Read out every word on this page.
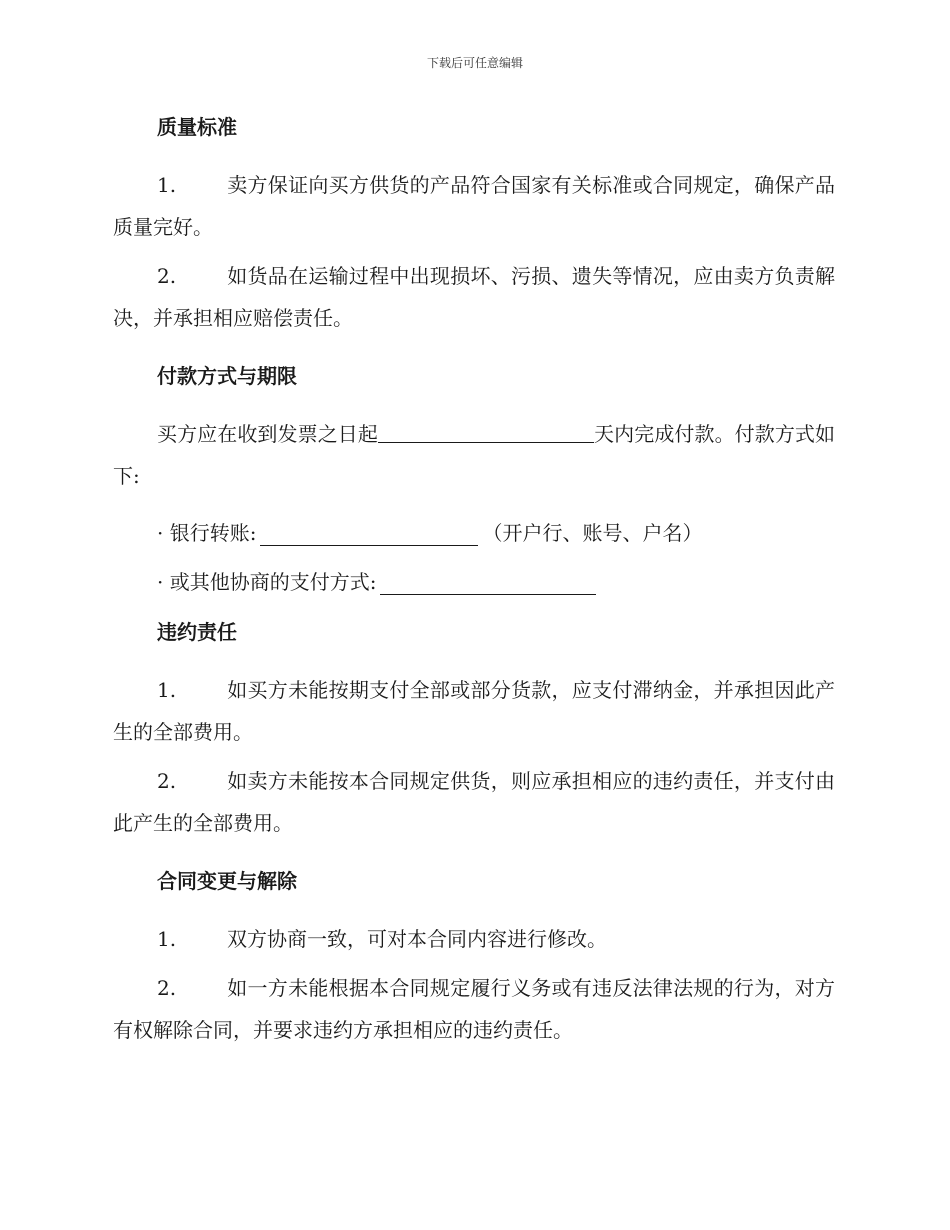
下载后可任意编辑
质量标准

1.	卖方保证向买方供货的产品符合国家有关标准或合同规定，确保产品质量完好。

2.	如货品在运输过程中出现损坏、污损、遗失等情况，应由卖方负责解决，并承担相应赔偿责任。

付款方式与期限

买方应在收到发票之日起	天内完成付款。付款方式如下:

· 银行转账:	（开户行、账号、户名）
· 或其他协商的支付方式:
违约责任

1.	如买方未能按期支付全部或部分货款，应支付滞纳金，并承担因此产生的全部费用。

2.	如卖方未能按本合同规定供货，则应承担相应的违约责任，并支付由此产生的全部费用。

合同变更与解除

1.	双方协商一致，可对本合同内容进行修改。

2.	如一方未能根据本合同规定履行义务或有违反法律法规的行为，对方有权解除合同，并要求违约方承担相应的违约责任。
